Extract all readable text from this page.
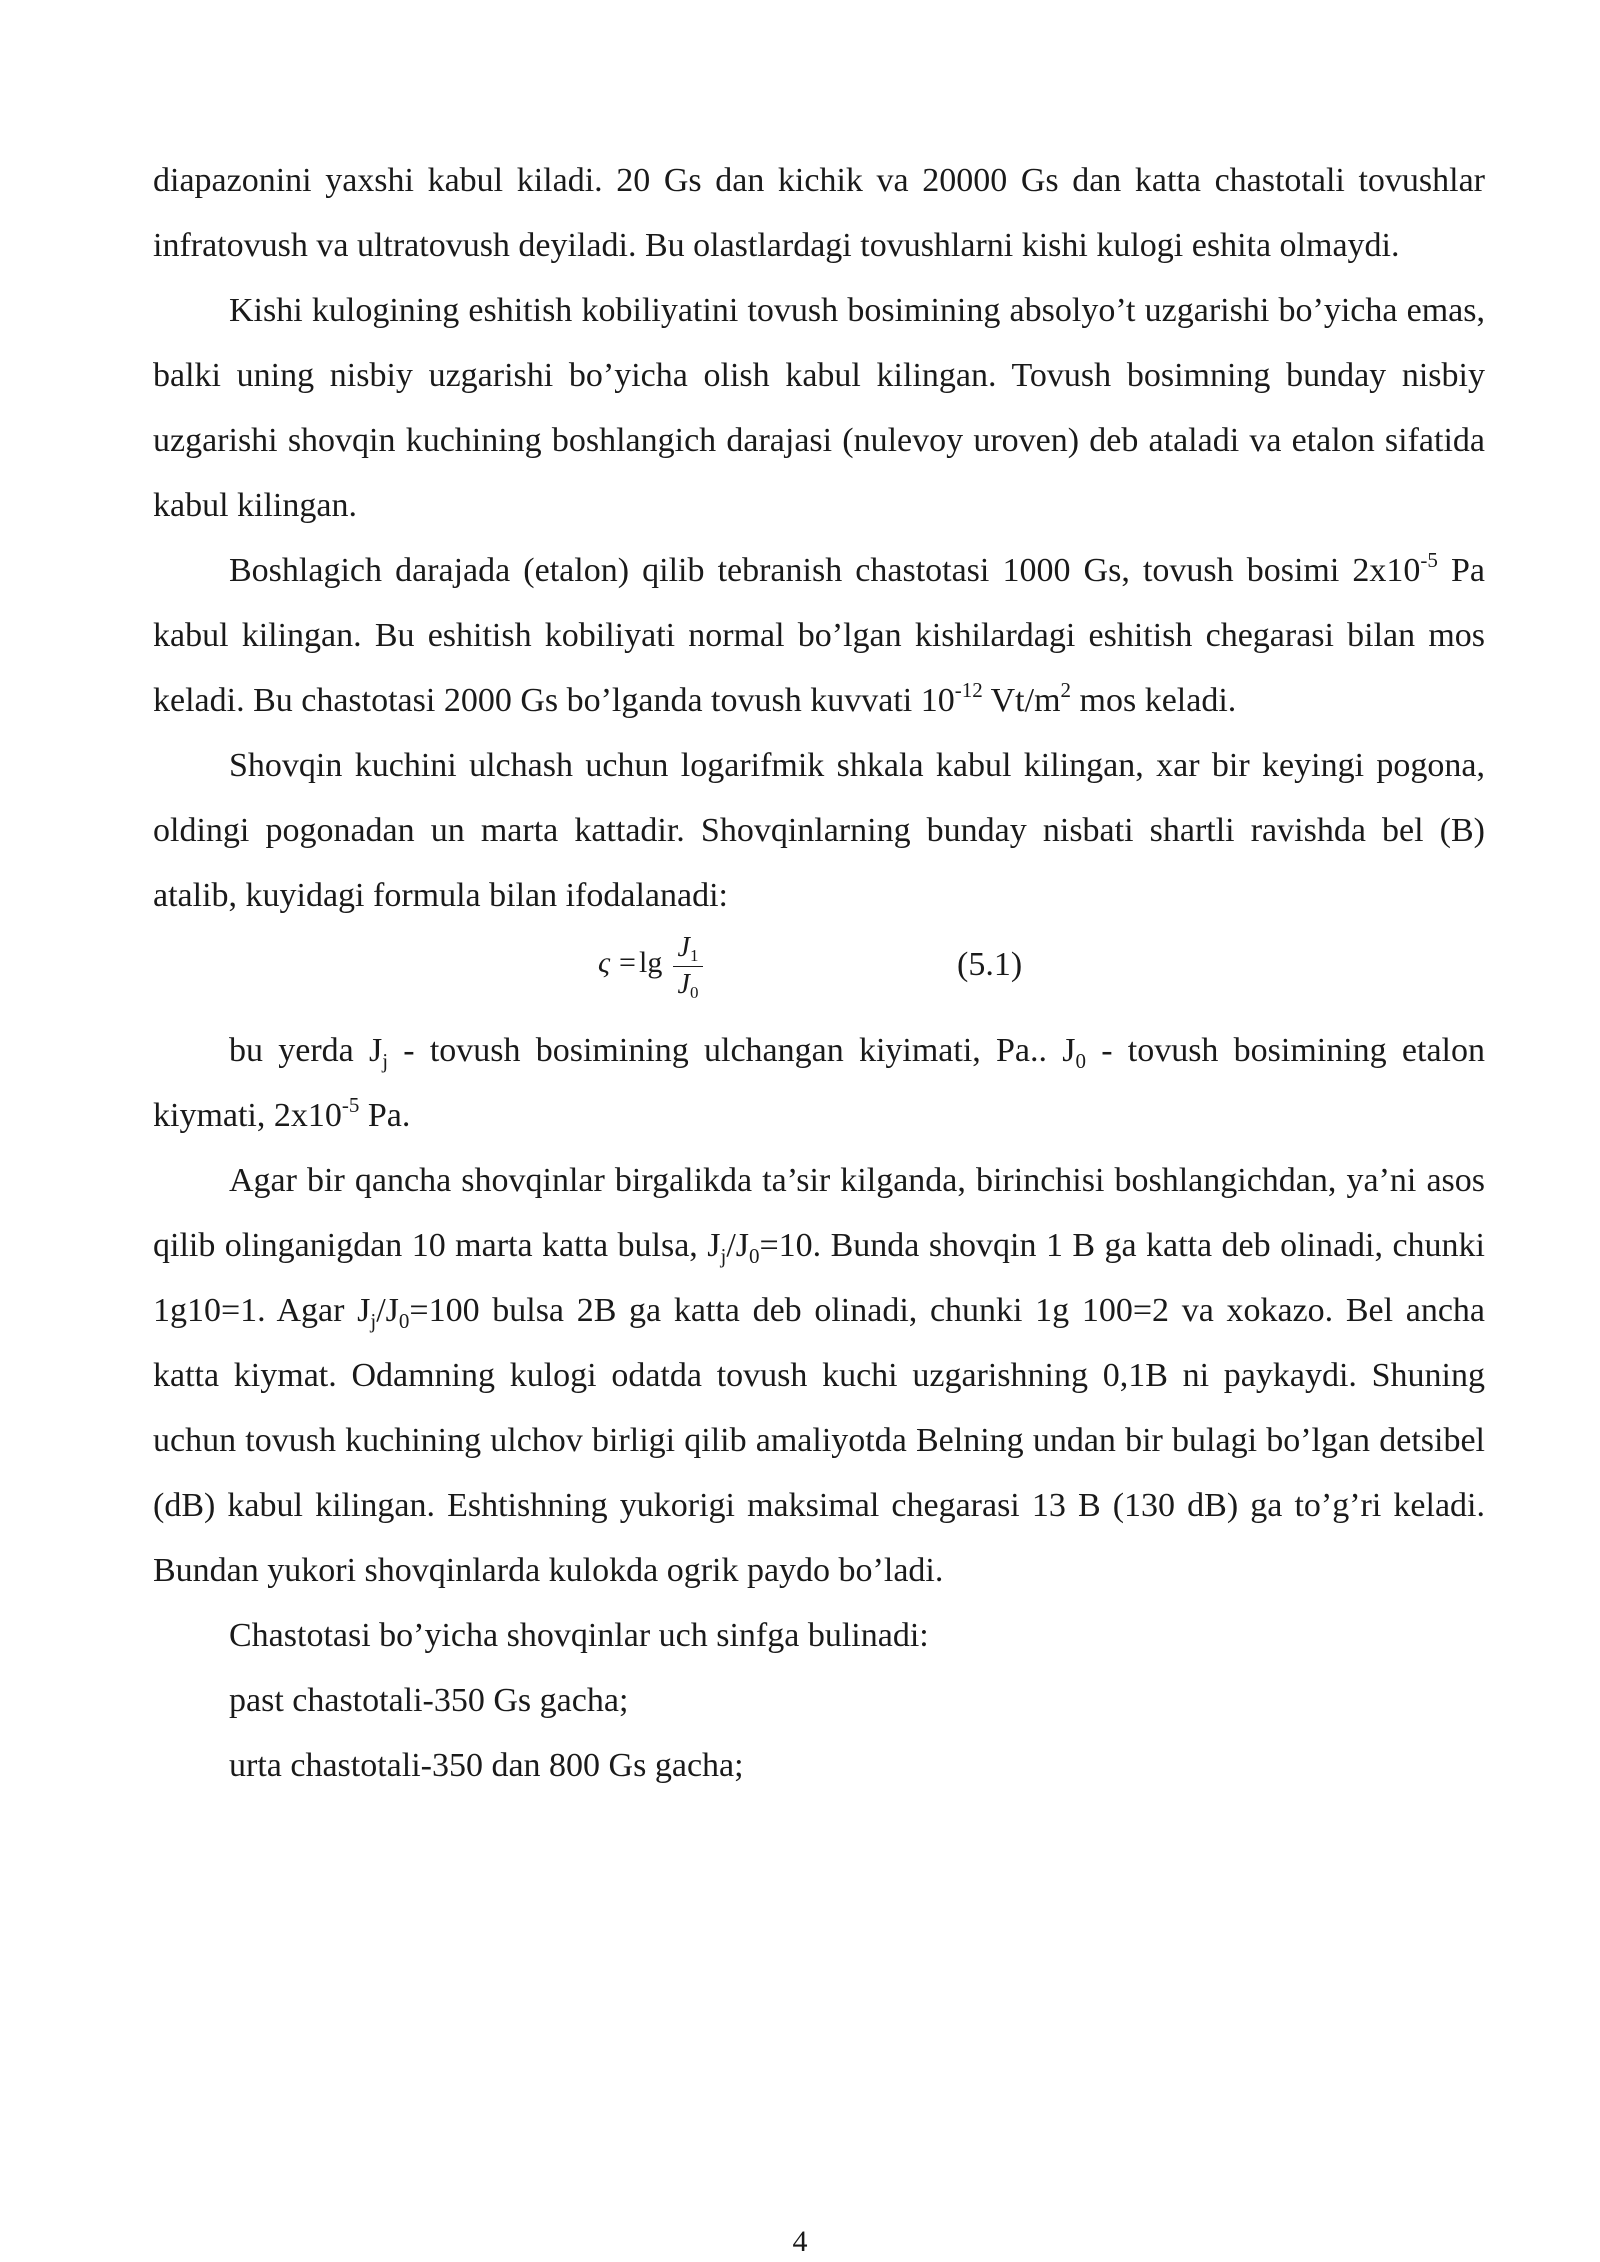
diapazonini yaxshi kabul kiladi. 20 Gs dan kichik va 20000 Gs dan katta chastotali tovushlar infratovush va ultratovush deyiladi. Bu olastlardagi tovushlarni kishi kulogi eshita olmaydi.

Kishi kulogining eshitish kobiliyatini tovush bosimining absolyo’t uzgarishi bo’yicha emas, balki uning nisbiy uzgarishi bo’yicha olish kabul kilingan. Tovush bosimning bunday nisbiy uzgarishi shovqin kuchining boshlangich darajasi (nulevoy uroven) deb ataladi va etalon sifatida kabul kilingan.

Boshlagich darajada (etalon) qilib tebranish chastotasi 1000 Gs, tovush bosimi $2x10^{-5}$ Pa kabul kilingan. Bu eshitish kobiliyati normal bo’lgan kishilardagi eshitish chegarasi bilan mos keladi. Bu chastotasi 2000 Gs bo’lganda tovush kuvvati $10^{-12}$ $Vt/m^2$ mos keladi.

Shovqin kuchini ulchash uchun logarifmik shkala kabul kilingan, xar bir keyingi pogona, oldingi pogonadan un marta kattadir. Shovqinlarning bunday nisbati shartli ravishda bel (B) atalib, kuyidagi formula bilan ifodalanadi:

$\varsigma = \lg J_1$
$J_0$
(5.1)

bu yerda $J_j$ - tovush bosimining ulchangan kiyimati, Pa.. $J_0$ - tovush bosimining etalon kiymati, $2x10^{-5}$ Pa.

Agar bir qancha shovqinlar birgalikda ta’sir kilganda, birinchisi boshlangichdan, ya’ni asos qilib olinganigdan 10 marta katta bulsa, $J_j/J_0=10$. Bunda shovqin 1 B ga katta deb olinadi, chunki 1g10=1. Agar $J_j/J_0=100$ bulsa 2B ga katta deb olinadi, chunki 1g 100=2 va xokazo. Bel ancha katta kiymat. Odamning kulogi odatda tovush kuchi uzgarishning 0,1B ni paykaydi. Shuning uchun tovush kuchining ulchov birligi qilib amaliyotda Belning undan bir bulagi bo’lgan detsibel (dB) kabul kilingan. Eshtishning yukorigi maksimal chegarasi 13 B (130 dB) ga to’g’ri keladi. Bundan yukori shovqinlarda kulokda ogrik paydo bo’ladi.

Chastotasi bo’yicha shovqinlar uch sinfga bulinadi:

past chastotali-350 Gs gacha;

urta chastotali-350 dan 800 Gs gacha;

4
